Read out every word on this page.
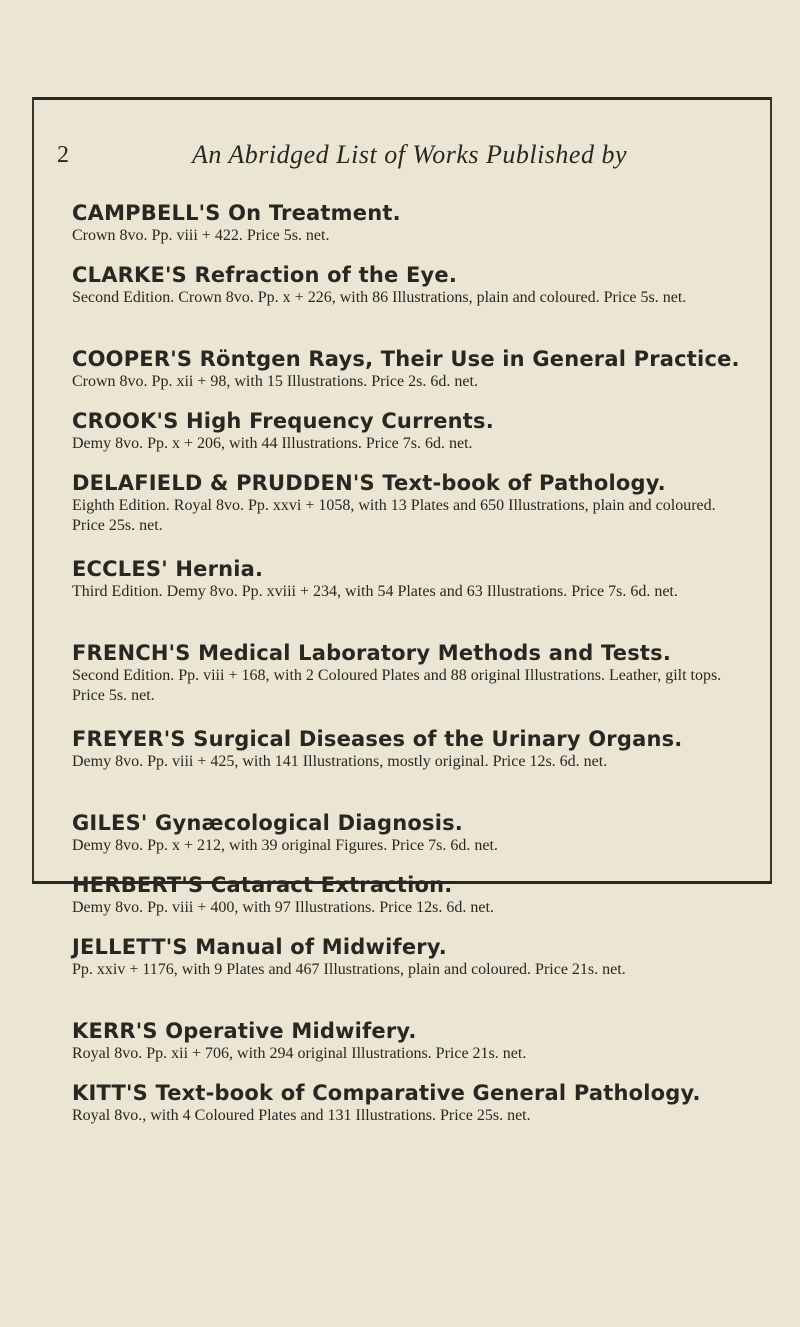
2	An Abridged List of Works Published by
CAMPBELL'S On Treatment.
Crown 8vo. Pp. viii + 422. Price 5s. net.
CLARKE'S Refraction of the Eye.
Second Edition. Crown 8vo. Pp. x + 226, with 86 Illustrations, plain and coloured. Price 5s. net.
COOPER'S Röntgen Rays, Their Use in General Practice.
Crown 8vo. Pp. xii + 98, with 15 Illustrations. Price 2s. 6d. net.
CROOK'S High Frequency Currents.
Demy 8vo. Pp. x + 206, with 44 Illustrations. Price 7s. 6d. net.
DELAFIELD & PRUDDEN'S Text-book of Pathology.
Eighth Edition. Royal 8vo. Pp. xxvi + 1058, with 13 Plates and 650 Illustrations, plain and coloured. Price 25s. net.
ECCLES' Hernia.
Third Edition. Demy 8vo. Pp. xviii + 234, with 54 Plates and 63 Illustrations. Price 7s. 6d. net.
FRENCH'S Medical Laboratory Methods and Tests.
Second Edition. Pp. viii + 168, with 2 Coloured Plates and 88 original Illustrations. Leather, gilt tops. Price 5s. net.
FREYER'S Surgical Diseases of the Urinary Organs.
Demy 8vo. Pp. viii + 425, with 141 Illustrations, mostly original. Price 12s. 6d. net.
GILES' Gynæcological Diagnosis.
Demy 8vo. Pp. x + 212, with 39 original Figures. Price 7s. 6d. net.
HERBERT'S Cataract Extraction.
Demy 8vo. Pp. viii + 400, with 97 Illustrations. Price 12s. 6d. net.
JELLETT'S Manual of Midwifery.
Pp. xxiv + 1176, with 9 Plates and 467 Illustrations, plain and coloured. Price 21s. net.
KERR'S Operative Midwifery.
Royal 8vo. Pp. xii + 706, with 294 original Illustrations. Price 21s. net.
KITT'S Text-book of Comparative General Pathology.
Royal 8vo., with 4 Coloured Plates and 131 Illustrations. Price 25s. net.
